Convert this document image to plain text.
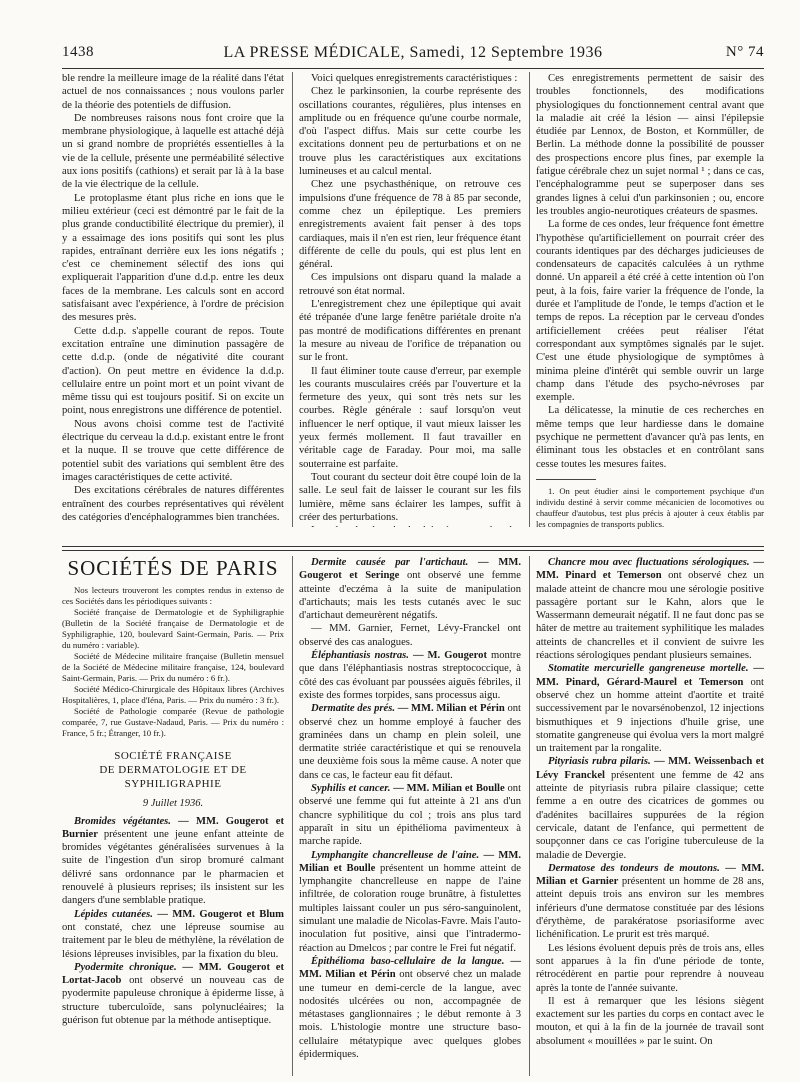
1438	LA PRESSE MÉDICALE, Samedi, 12 Septembre 1936	N° 74

ble rendre la meilleure image de la réalité dans l'état actuel de nos connaissances ; nous voulons parler de la théorie des potentiels de diffusion.

De nombreuses raisons nous font croire que la membrane physiologique, à laquelle est attaché déjà un si grand nombre de propriétés essentielles à la vie de la cellule, présente une perméabilité sélective aux ions positifs (cathions) et serait par là à la base de la vie électrique de la cellule.

Le protoplasme étant plus riche en ions que le milieu extérieur (ceci est démontré par le fait de la plus grande conductibilité électrique du premier), il y a essaimage des ions positifs qui sont les plus rapides, entraînant derrière eux les ions négatifs ; c'est ce cheminement sélectif des ions qui expliquerait l'apparition d'une d.d.p. entre les deux faces de la membrane. Les calculs sont en accord satisfaisant avec l'expérience, à l'ordre de précision des mesures près.

Cette d.d.p. s'appelle courant de repos. Toute excitation entraîne une diminution passagère de cette d.d.p. (onde de négativité dite courant d'action). On peut mettre en évidence la d.d.p. cellulaire entre un point mort et un point vivant de même tissu qui est toujours positif. Si on excite un point, nous enregistrons une différence de potentiel.

Nous avons choisi comme test de l'activité électrique du cerveau la d.d.p. existant entre le front et la nuque. Il se trouve que cette différence de potentiel subit des variations qui semblent être des images caractéristiques de cette activité.

Des excitations cérébrales de natures différentes entraînent des courbes représentatives qui révèlent des catégories d'encéphalogrammes bien tranchées.

Voici quelques enregistrements caractéristiques :

Chez le parkinsonien, la courbe représente des oscillations courantes, régulières, plus intenses en amplitude ou en fréquence qu'une courbe normale, d'où l'aspect diffus. Mais sur cette courbe les excitations donnent peu de perturbations et on ne trouve plus les caractéristiques aux excitations lumineuses et au calcul mental.

Chez une psychasthénique, on retrouve ces impulsions d'une fréquence de 78 à 85 par seconde, comme chez un épileptique. Les premiers enregistrements avaient fait penser à des tops cardiaques, mais il n'en est rien, leur fréquence étant différente de celle du pouls, qui est plus lent en général.

Ces impulsions ont disparu quand la malade a retrouvé son état normal.

L'enregistrement chez une épileptique qui avait été trépanée d'une large fenêtre pariétale droite n'a pas montré de modifications différentes en prenant la mesure au niveau de l'orifice de trépanation ou sur le front.

Il faut éliminer toute cause d'erreur, par exemple les courants musculaires créés par l'ouverture et la fermeture des yeux, qui sont très nets sur les courbes. Règle générale : sauf lorsqu'on veut influencer le nerf optique, il vaut mieux laisser les yeux fermés mollement. Il faut travailler en véritable cage de Faraday. Pour moi, ma salle souterraine est parfaite.

Tout courant du secteur doit être coupé loin de la salle. Le seul fait de laisser le courant sur les fils lumière, même sans éclairer les lampes, suffit à créer des perturbations.

Ces enregistrements permettent de saisir des troubles fonctionnels, des modifications physiologiques du fonctionnement central avant que la maladie ait créé la lésion — ainsi l'épilepsie étudiée par Lennox, de Boston, et Kornmüller, de Berlin. La méthode donne la possibilité de pousser des prospections encore plus fines, par exemple la fatigue cérébrale chez un sujet normal ¹ ; dans ce cas, l'encéphalogramme peut se superposer dans ses grandes lignes à celui d'un parkinsonien ; ou, encore les troubles angio-neurotiques créateurs de spasmes.

La forme de ces ondes, leur fréquence font émettre l'hypothèse qu'artificiellement on pourrait créer des courants identiques par des décharges judicieuses de condensateurs de capacités calculées à un rythme donné. Un appareil a été créé à cette intention où l'on peut, à la fois, faire varier la fréquence de l'onde, la durée et l'amplitude de l'onde, le temps d'action et le temps de repos. La réception par le cerveau d'ondes artificiellement créées peut réaliser l'état correspondant aux symptômes signalés par le sujet. C'est une étude physiologique de symptômes à minima pleine d'intérêt qui semble ouvrir un large champ dans l'étude des psycho-névroses par exemple.

La délicatesse, la minutie de ces recherches en même temps que leur hardiesse dans le domaine psychique ne permettent d'avancer qu'à pas lents, en éliminant tous les obstacles et en contrôlant sans cesse toutes les mesures faites.

1. On peut étudier ainsi le comportement psychique d'un individu destiné à servir comme mécanicien de locomotives ou chauffeur d'autobus, test plus précis à ajouter à ceux établis par les compagnies de transports publics.

SOCIÉTÉS DE PARIS

Nos lecteurs trouveront les comptes rendus in extenso de ces Sociétés dans les périodiques suivants :

Société française de Dermatologie et de Syphiligraphie (Bulletin de la Société française de Dermatologie et de Syphiligraphie, 120, boulevard Saint-Germain, Paris. — Prix du numéro : variable).

Société de Médecine militaire française (Bulletin mensuel de la Société de Médecine militaire française, 124, boulevard Saint-Germain, Paris. — Prix du numéro : 6 fr.).

Société Médico-Chirurgicale des Hôpitaux libres (Archives Hospitalières, 1, place d'Iéna, Paris. — Prix du numéro : 3 fr.).

Société de Pathologie comparée (Revue de pathologie comparée, 7, rue Gustave-Nadaud, Paris. — Prix du numéro : France, 5 fr.; Étranger, 10 fr.).

SOCIÉTÉ FRANÇAISE
DE DERMATOLOGIE ET DE SYPHILIGRAPHIE
9 Juillet 1936.

Bromides végétantes. — MM. Gougerot et Burnier présentent une jeune enfant atteinte de bromides végétantes généralisées survenues à la suite de l'ingestion d'un sirop bromuré calmant délivré sans ordonnance par le pharmacien et renouvelé à plusieurs reprises; ils insistent sur les dangers d'une semblable pratique.

Lépides cutanées. — MM. Gougerot et Blum ont constaté, chez une lépreuse soumise au traitement par le bleu de méthylène, la révélation de lésions lépreuses invisibles, par la fixation du bleu.

Pyodermite chronique. — MM. Gougerot et Lortat-Jacob ont observé un nouveau cas de pyodermite papuleuse chronique à épiderme lisse, à structure tuberculoïde, sans polynucléaires; la guérison fut obtenue par la méthode antiseptique.

Dermite causée par l'artichaut. — MM. Gougerot et Seringe ont observé une femme atteinte d'eczéma à la suite de manipulation d'artichauts; mais les tests cutanés avec le suc d'artichaut demeurèrent négatifs.

— MM. Garnier, Fernet, Lévy-Franckel ont observé des cas analogues.

Éléphantiasis nostras. — M. Gougerot montre que dans l'éléphantiasis nostras streptococcique, à côté des cas évoluant par poussées aiguës fébriles, il existe des formes torpides, sans processus aigu.

Dermatite des prés. — MM. Milian et Périn ont observé chez un homme employé à faucher des graminées dans un champ en plein soleil, une dermatite striée caractéristique et qui se renouvela une deuxième fois sous la même cause. A noter que dans ce cas, le facteur eau fit défaut.

Syphilis et cancer. — MM. Milian et Boulle ont observé une femme qui fut atteinte à 21 ans d'un chancre syphilitique du col ; trois ans plus tard apparaît in situ un épithélioma pavimenteux à marche rapide.

Lymphangite chancrelleuse de l'aine. — MM. Milian et Boulle présentent un homme atteint de lymphangite chancrelleuse en nappe de l'aine infiltrée, de coloration rouge brunâtre, à fistulettes multiples laissant couler un pus séro-sanguinolent, simulant une maladie de Nicolas-Favre. Mais l'auto-inoculation fut positive, ainsi que l'intradermo-réaction au Dmelcos ; par contre le Frei fut négatif.

Épithélioma baso-cellulaire de la langue. — MM. Milian et Périn ont observé chez un malade une tumeur en demi-cercle de la langue, avec nodosités ulcérées ou non, accompagnée de métastases ganglionnaires ; le début remonte à 3 mois. L'histologie montre une structure baso-cellulaire métatypique avec quelques globes épidermiques.

Chancre mou avec fluctuations sérologiques. — MM. Pinard et Temerson ont observé chez un malade atteint de chancre mou une sérologie positive passagère portant sur le Kahn, alors que le Wassermann demeurait négatif. Il ne faut donc pas se hâter de mettre au traitement syphilitique les malades atteints de chancrelles et il convient de suivre les réactions sérologiques pendant plusieurs semaines.

Stomatite mercurielle gangreneuse mortelle. — MM. Pinard, Gérard-Maurel et Temerson ont observé chez un homme atteint d'aortite et traité successivement par le novarsénobenzol, 12 injections bismuthiques et 9 injections d'huile grise, une stomatite gangreneuse qui évolua vers la mort malgré un traitement par la rongalite.

Pityriasis rubra pilaris. — MM. Weissenbach et Lévy Franckel présentent une femme de 42 ans atteinte de pityriasis rubra pilaire classique; cette femme a en outre des cicatrices de gommes ou d'adénites bacillaires suppurées de la région cervicale, datant de l'enfance, qui permettent de soupçonner dans ce cas l'origine tuberculeuse de la maladie de Devergie.

Dermatose des tondeurs de moutons. — MM. Milian et Garnier présentent un homme de 28 ans, atteint depuis trois ans environ sur les membres inférieurs d'une dermatose constituée par des lésions d'érythème, de parakératose psoriasiforme avec lichénification. Le prurit est très marqué.

Les lésions évoluent depuis près de trois ans, elles sont apparues à la fin d'une période de tonte, rétrocédèrent en partie pour reprendre à nouveau après la tonte de l'année suivante.

Il est à remarquer que les lésions siègent exactement sur les parties du corps en contact avec le mouton, et qui à la fin de la journée de travail sont absolument « mouillées » par le suint. On
